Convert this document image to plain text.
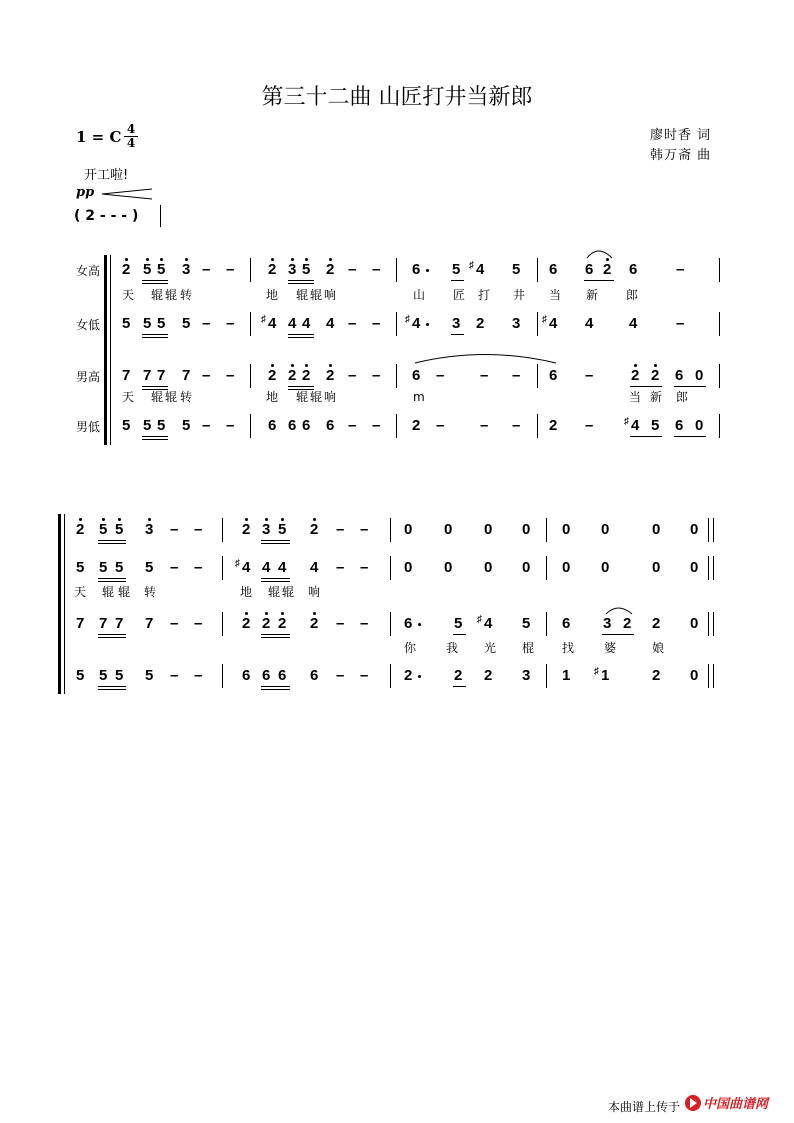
第三十二曲 山匠打井当新郎
1 = C 4
4	廖时香 词
韩万斋 曲
开工啦!
pp
( 2 - - - )
女高
女低
男高
男低
2 5 5 3 – – 2 3 5 2 – – 6 5 4
♯	5 6 6 2 6	–
天 辊 辊 转	地 辊 辊 响	山 匠 打 井 当 新 郎
5 5 5 5 – – 4
♯ 4 4 4 – – 4
♯	3 2 3 4
♯	4 4	–
7 7 7 7 – – 2 2 2 2 – – 6 – – – 6 –	2 2 6 0
天 辊 辊 转	地 辊 辊 响	m	当 新 郎
5 5 5 5 – – 6 6 6 6 – – 2 – – – 2 –	4
♯ 5 6 0
2 5 5 3 – –	2 3 5 2 – – 0 0 0 0 0 0	0 0
5 5 5 5 – –	4
♯ 4 4 4 – – 0 0 0 0 0 0	0 0
天 辊 辊 转	地 辊 辊 响
7 7 7 7 – –	2 2 2 2 – – 6	5 4
♯	5 6 3 2 2 0
你 我 光 棍 找 婆	娘
5 5 5 5 – –	6 6 6 6 – – 2	2 2 3 1 1
♯	2 0
本曲谱上传于 中国曲谱网
